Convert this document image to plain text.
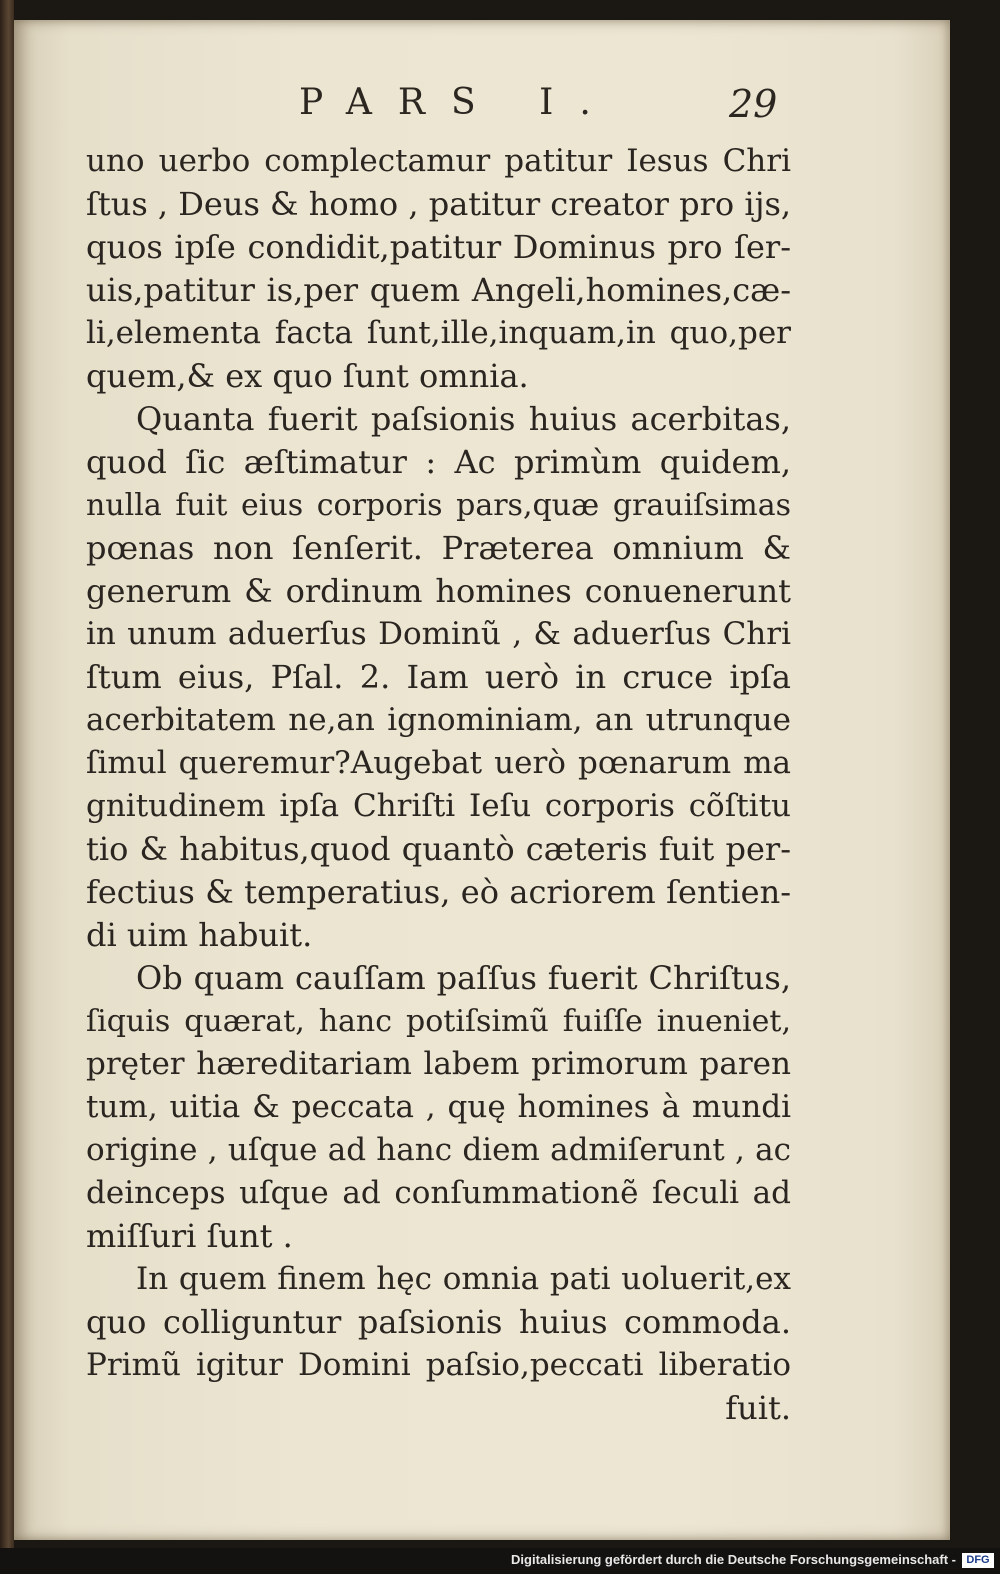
PARS I.	29
uno uerbo complectamur patitur Iesus Chri
ſtus , Deus & homo , patitur creator pro ijs,
quos ipſe condidit,patitur Dominus pro ſer-
uis,patitur is,per quem Angeli,homines,cæ-
li,elementa facta ſunt,ille,inquam,in quo,per
quem,& ex quo ſunt omnia.
Quanta fuerit paſsionis huius acerbitas,
quod ſic æſtimatur : Ac primùm quidem,
nulla fuit eius corporis pars,quæ grauiſsimas
pœnas non ſenſerit. Præterea omnium &
generum & ordinum homines conuenerunt
in unum aduerſus Dominũ , & aduerſus Chri
ſtum eius, Pſal. 2. Iam uerò in cruce ipſa
acerbitatem ne,an ignominiam, an utrunque
ſimul queremur?Augebat uerò pœnarum ma
gnitudinem ipſa Chriſti Ieſu corporis cõſtitu
tio & habitus,quod quantò cæteris fuit per-
fectius & temperatius, eò acriorem ſentien-
di uim habuit.
Ob quam cauſſam paſſus fuerit Chriſtus,
ſiquis quærat, hanc potiſsimũ fuiſſe inueniet,
pręter hæreditariam labem primorum paren
tum, uitia & peccata , quę homines à mundi
origine , uſque ad hanc diem admiſerunt , ac
deinceps uſque ad conſummationẽ ſeculi ad
miſſuri ſunt .
In quem finem hęc omnia pati uoluerit,ex
quo colliguntur paſsionis huius commoda.
Primũ igitur Domini paſsio,peccati liberatio
fuit.
Digitalisierung gefördert durch die Deutsche Forschungsgemeinschaft - DFG
